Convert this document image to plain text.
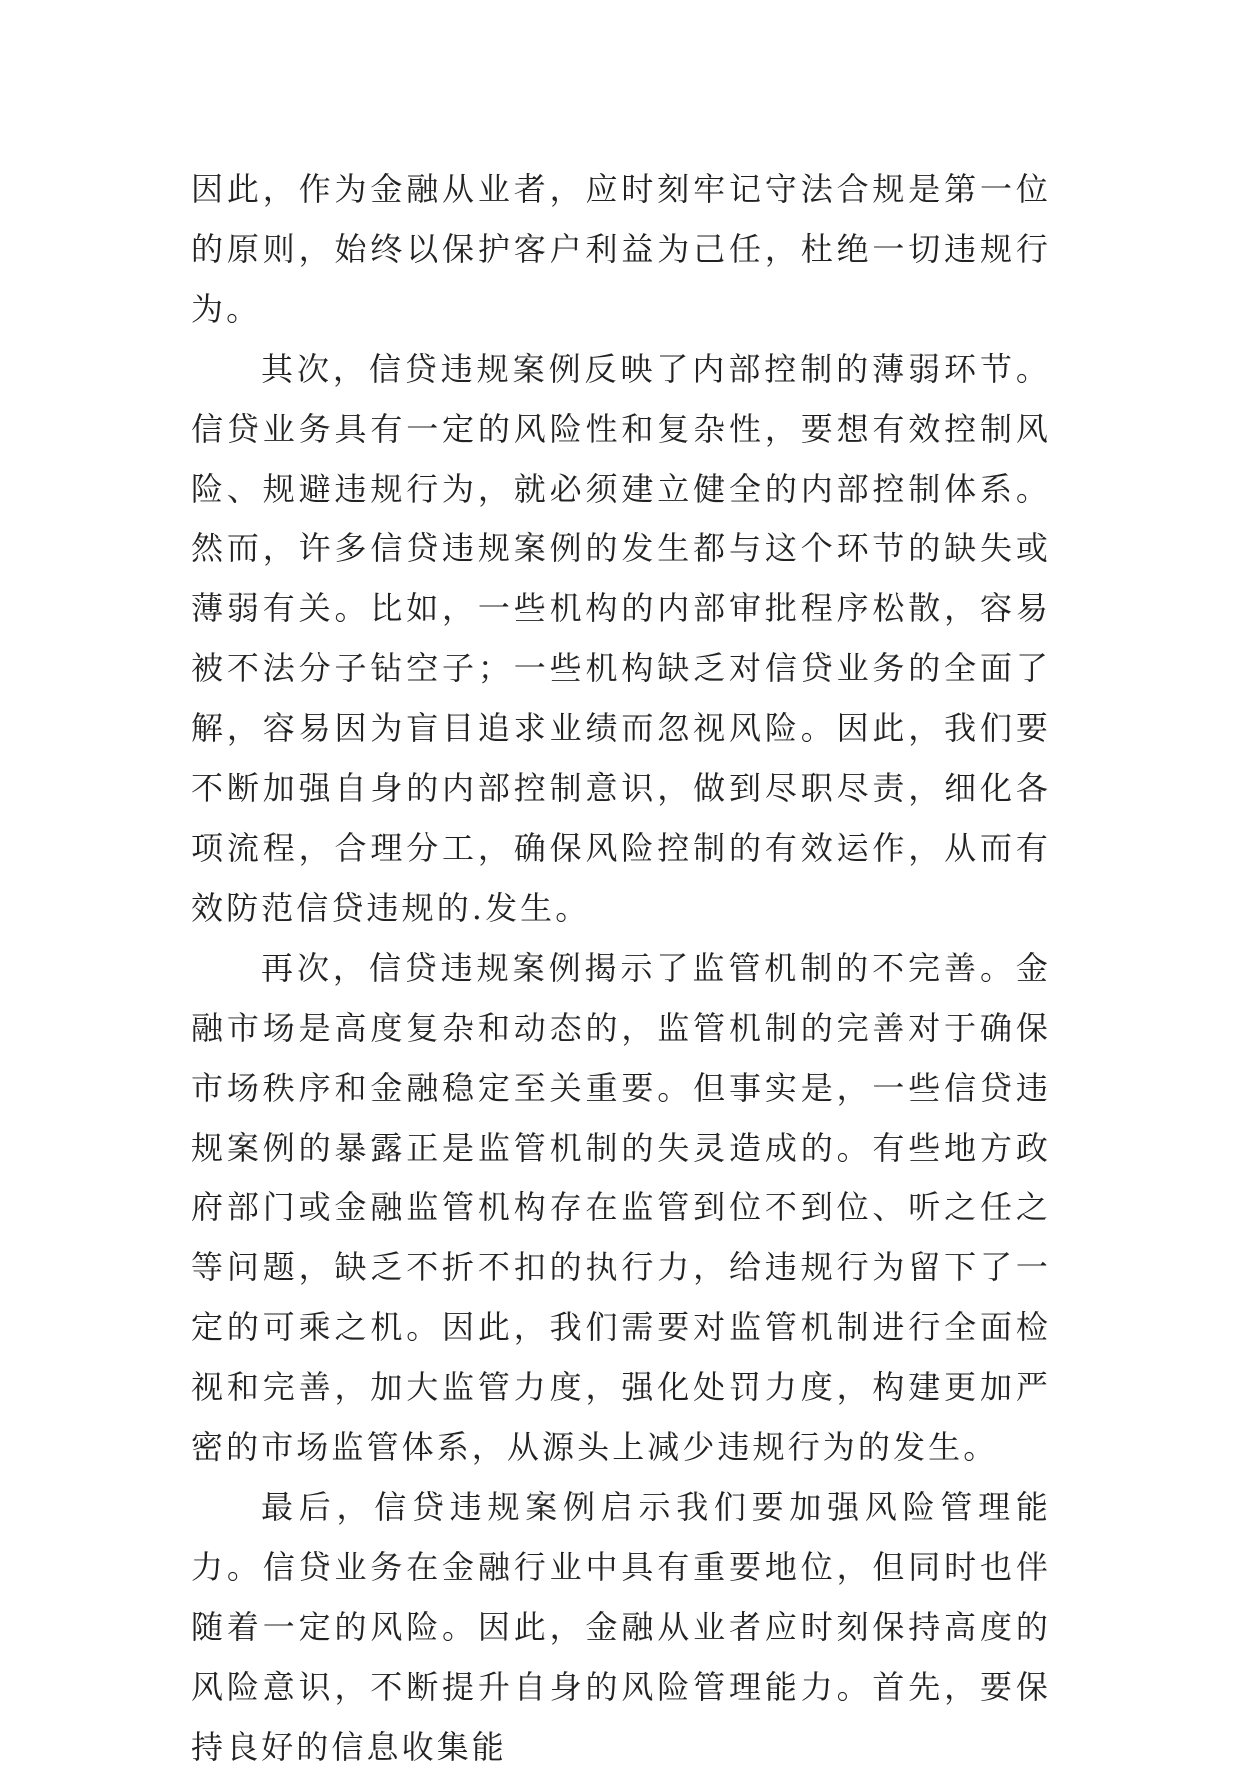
因此，作为金融从业者，应时刻牢记守法合规是第一位的原则，始终以保护客户利益为己任，杜绝一切违规行为。

其次，信贷违规案例反映了内部控制的薄弱环节。信贷业务具有一定的风险性和复杂性，要想有效控制风险、规避违规行为，就必须建立健全的内部控制体系。然而，许多信贷违规案例的发生都与这个环节的缺失或薄弱有关。比如，一些机构的内部审批程序松散，容易被不法分子钻空子；一些机构缺乏对信贷业务的全面了解，容易因为盲目追求业绩而忽视风险。因此，我们要不断加强自身的内部控制意识，做到尽职尽责，细化各项流程，合理分工，确保风险控制的有效运作，从而有效防范信贷违规的.发生。

再次，信贷违规案例揭示了监管机制的不完善。金融市场是高度复杂和动态的，监管机制的完善对于确保市场秩序和金融稳定至关重要。但事实是，一些信贷违规案例的暴露正是监管机制的失灵造成的。有些地方政府部门或金融监管机构存在监管到位不到位、听之任之等问题，缺乏不折不扣的执行力，给违规行为留下了一定的可乘之机。因此，我们需要对监管机制进行全面检视和完善，加大监管力度，强化处罚力度，构建更加严密的市场监管体系，从源头上减少违规行为的发生。

最后，信贷违规案例启示我们要加强风险管理能力。信贷业务在金融行业中具有重要地位，但同时也伴随着一定的风险。因此，金融从业者应时刻保持高度的风险意识，不断提升自身的风险管理能力。首先，要保持良好的信息收集能
